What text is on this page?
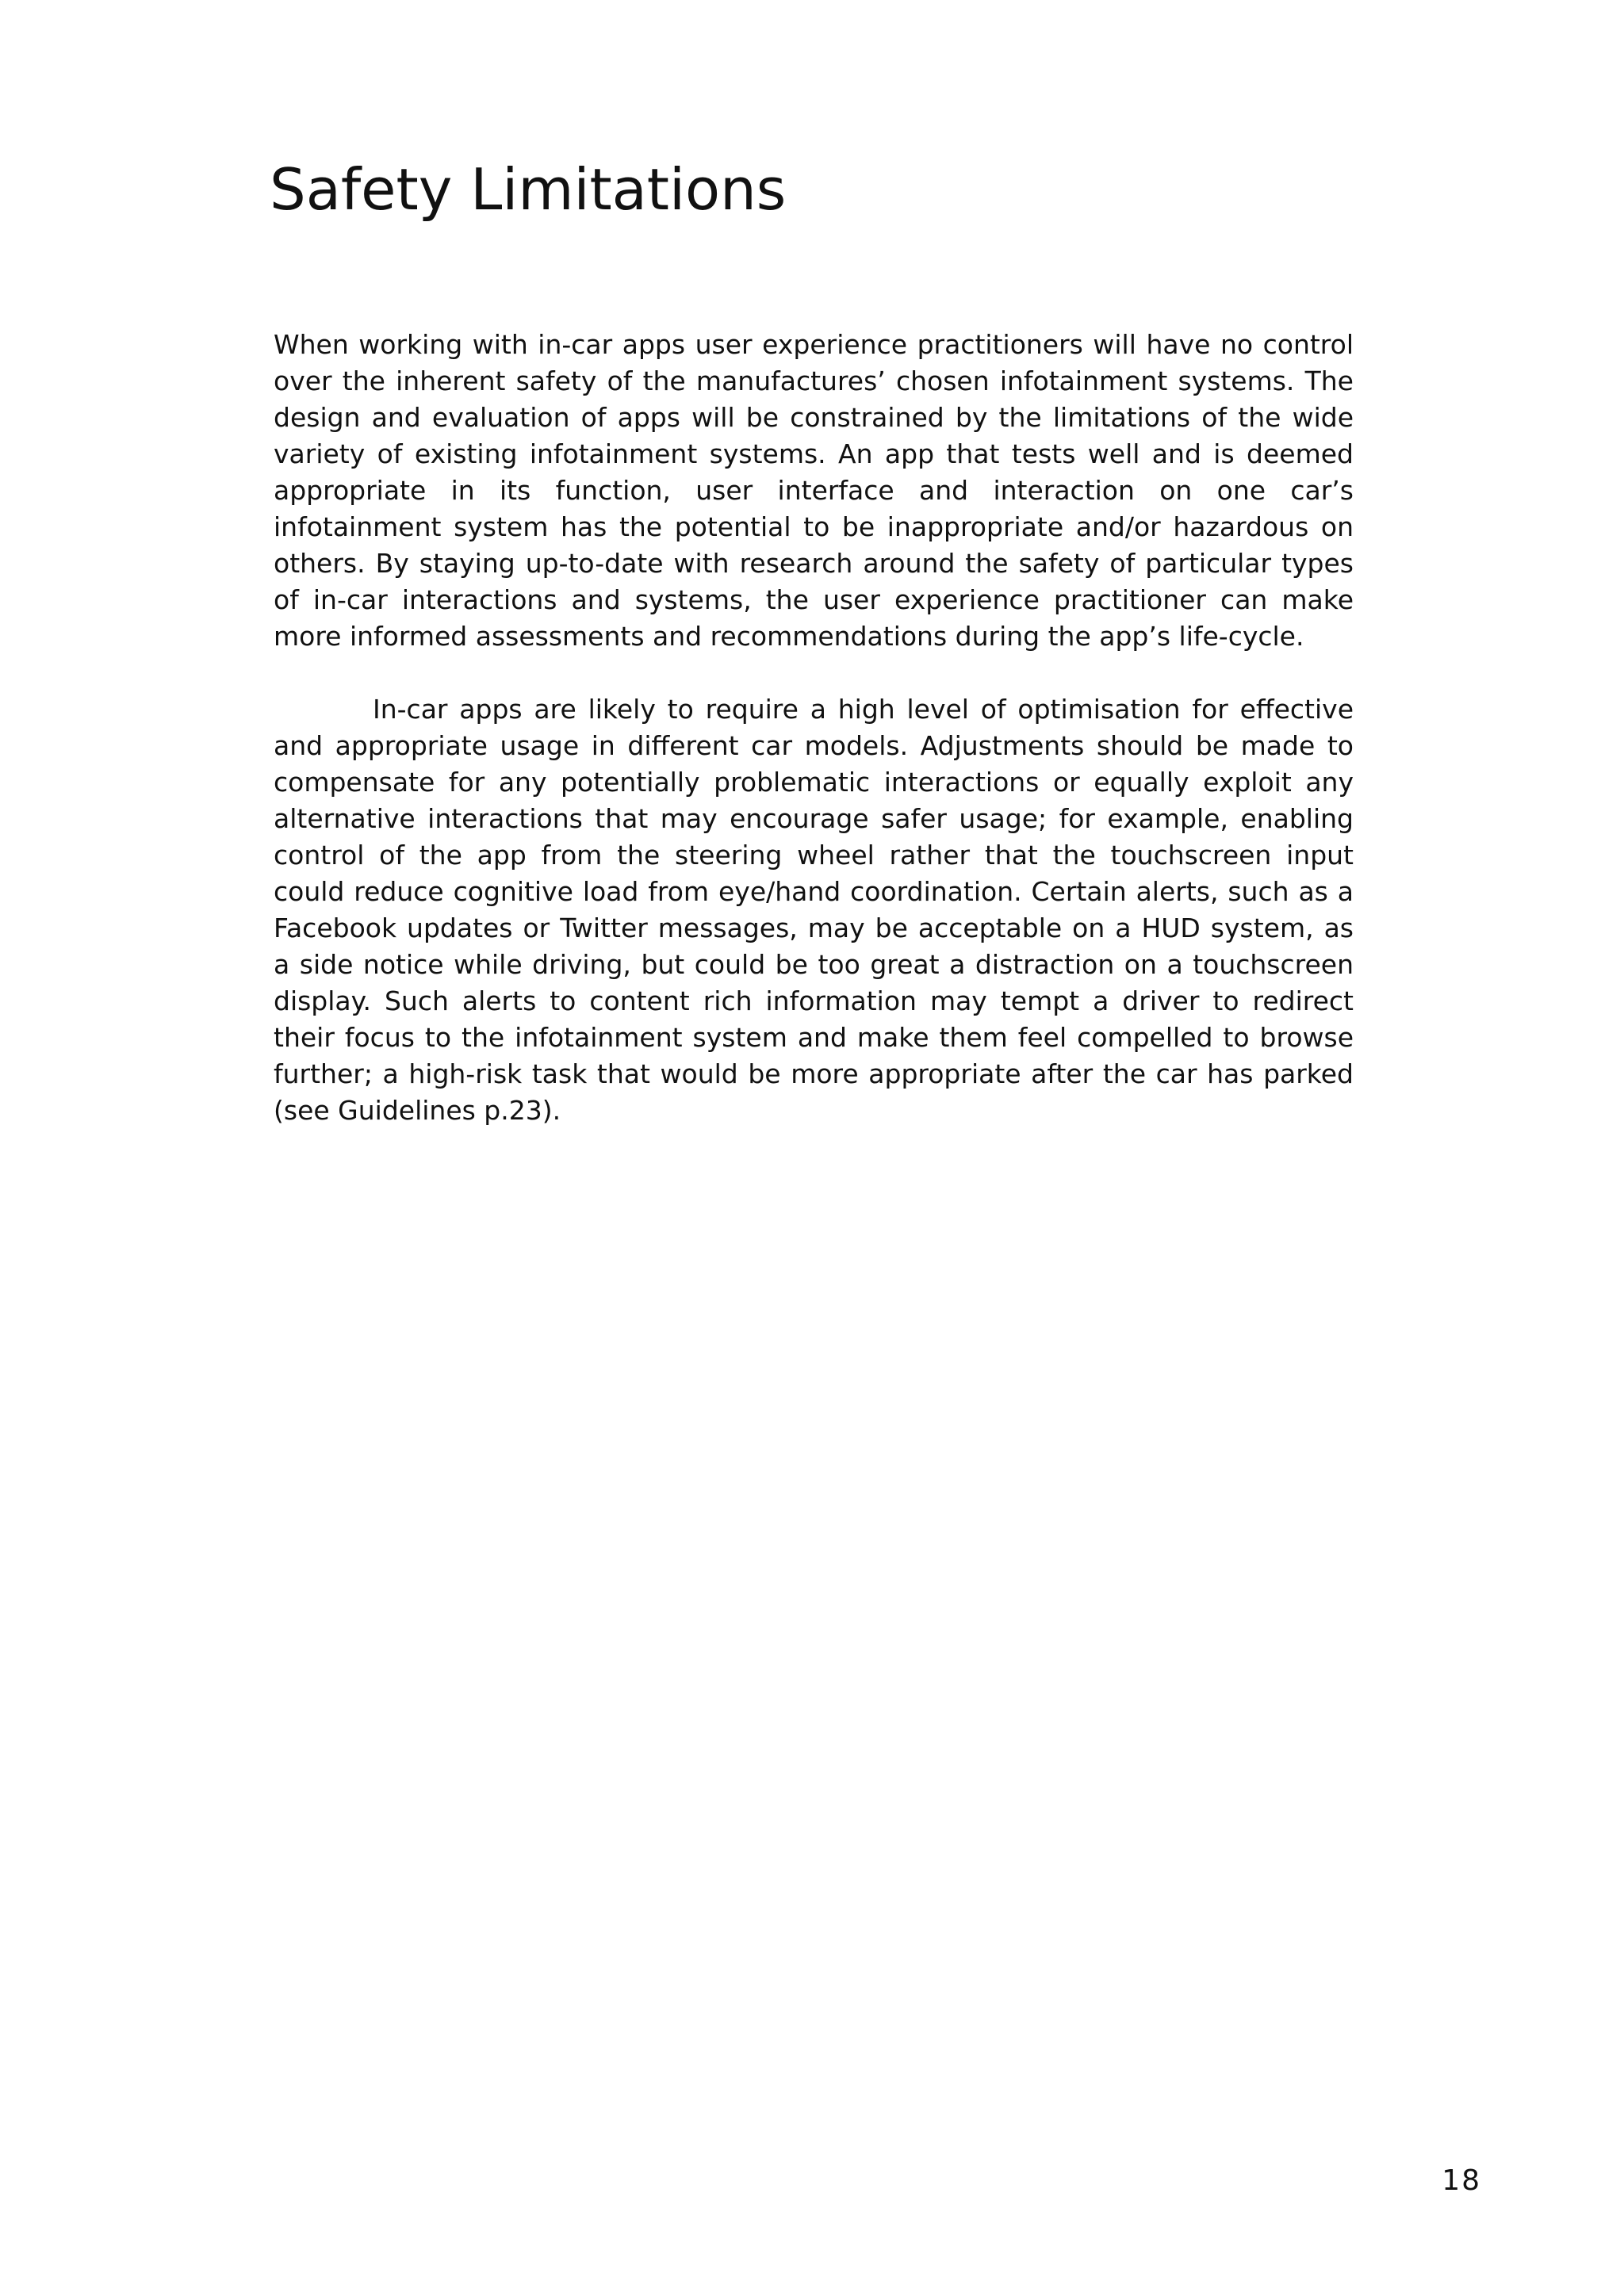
Safety Limitations

When working with in-car apps user experience practitioners will have no control over the inherent safety of the manufactures’ chosen infotainment systems. The design and evaluation of apps will be constrained by the limitations of the wide variety of existing infotainment systems. An app that tests well and is deemed appropriate in its function, user interface and interaction on one car’s infotainment system has the potential to be inappropriate and/or hazardous on others. By staying up-to-date with research around the safety of particular types of in-car interactions and systems, the user experience practitioner can make more informed assessments and recommendations during the app’s life-cycle.

In-car apps are likely to require a high level of optimisation for effective and appropriate usage in different car models. Adjustments should be made to compensate for any potentially problematic interactions or equally exploit any alternative interactions that may encourage safer usage; for example, enabling control of the app from the steering wheel rather that the touchscreen input could reduce cognitive load from eye/hand coordination. Certain alerts, such as a Facebook updates or Twitter messages, may be acceptable on a HUD system, as a side notice while driving, but could be too great a distraction on a touchscreen display. Such alerts to content rich information may tempt a driver to redirect their focus to the infotainment system and make them feel compelled to browse further; a high-risk task that would be more appropriate after the car has parked (see Guidelines p.23).

18
